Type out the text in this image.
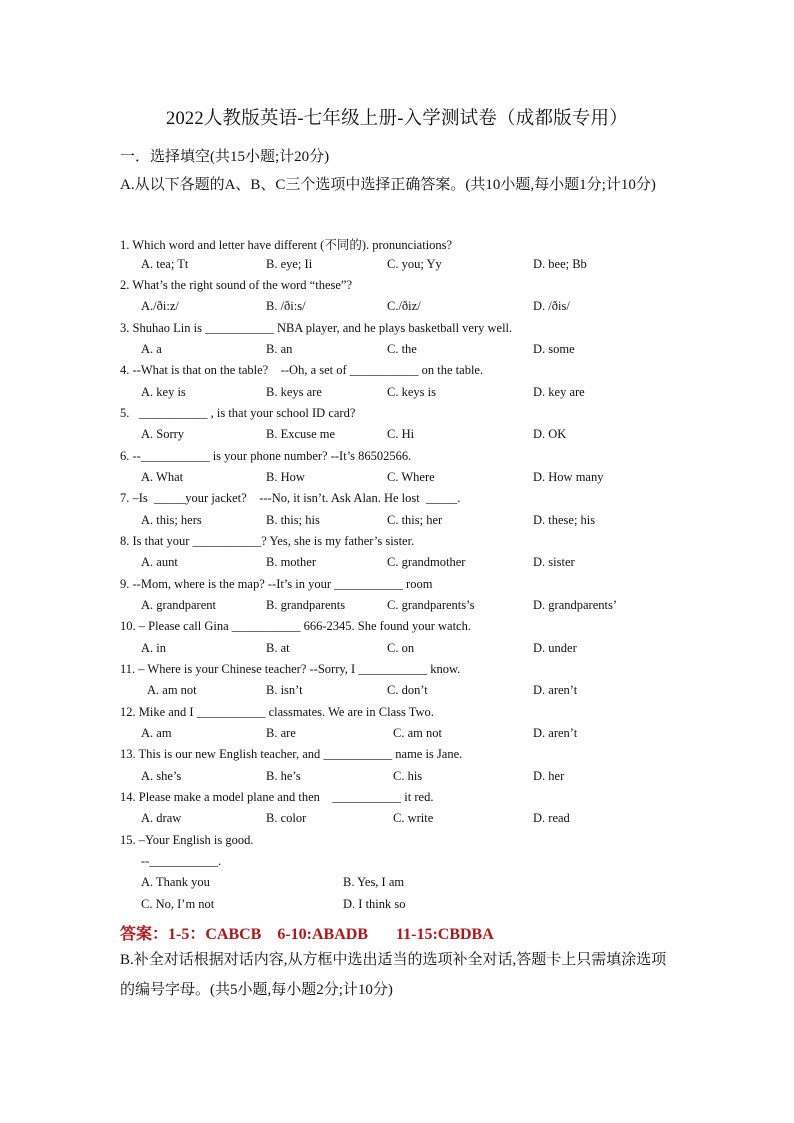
2022人教版英语-七年级上册-入学测试卷（成都版专用）
一．选择填空(共15小题;计20分)
A.从以下各题的A、B、C三个选项中选择正确答案。(共10小题,每小题1分;计10分)
1. Which word and letter have different (不同的). pronunciations?
A. tea; Tt	B. eye; Ii	C. you; Yy	D. bee; Bb
2. What’s the right sound of the word “these”?
A./ði:z/	B. /ði:s/	C./ðiz/	D. /ðis/
3. Shuhao Lin is ___________ NBA player, and he plays basketball very well.
A. a	B. an	C. the	D. some
4. --What is that on the table?    --Oh, a set of ___________ on the table.
A. key is	B. keys are	C. keys is	D. key are
5.   ___________ , is that your school ID card?
A. Sorry	B. Excuse me	C. Hi	D. OK
6. --___________ is your phone number? --It’s 86502566.
A. What	B. How	C. Where	D. How many
7. –Is  _____your jacket?    ---No, it isn’t. Ask Alan. He lost  _____.
A. this; hers	B. this; his	C. this; her	D. these; his
8. Is that your ___________? Yes, she is my father’s sister.
A. aunt	B. mother	C. grandmother	D. sister
9. --Mom, where is the map? --It’s in your ___________ room
A. grandparent	B. grandparents	C. grandparents’s	D. grandparents’
10. – Please call Gina ___________ 666-2345. She found your watch.
A. in	B. at	C. on	D. under
11. – Where is your Chinese teacher? --Sorry, I ___________ know.
A. am not	B. isn’t	C. don’t	D. aren’t
12. Mike and I ___________ classmates. We are in Class Two.
A. am	B. are	C. am not	D. aren’t
13. This is our new English teacher, and ___________ name is Jane.
A. she’s	B. he’s	C. his	D. her
14. Please make a model plane and then    ___________ it red.
A. draw	B. color	C. write	D. read
15. –Your English is good.
--___________.
A. Thank you	B. Yes, I am
C. No, I’m not	D. I think so
答案：1-5：CABCB    6-10:ABADB       11-15:CBDBA
B.补全对话根据对话内容,从方框中选出适当的选项补全对话,答题卡上只需填涂选项的编号字母。(共5小题,每小题2分;计10分)
